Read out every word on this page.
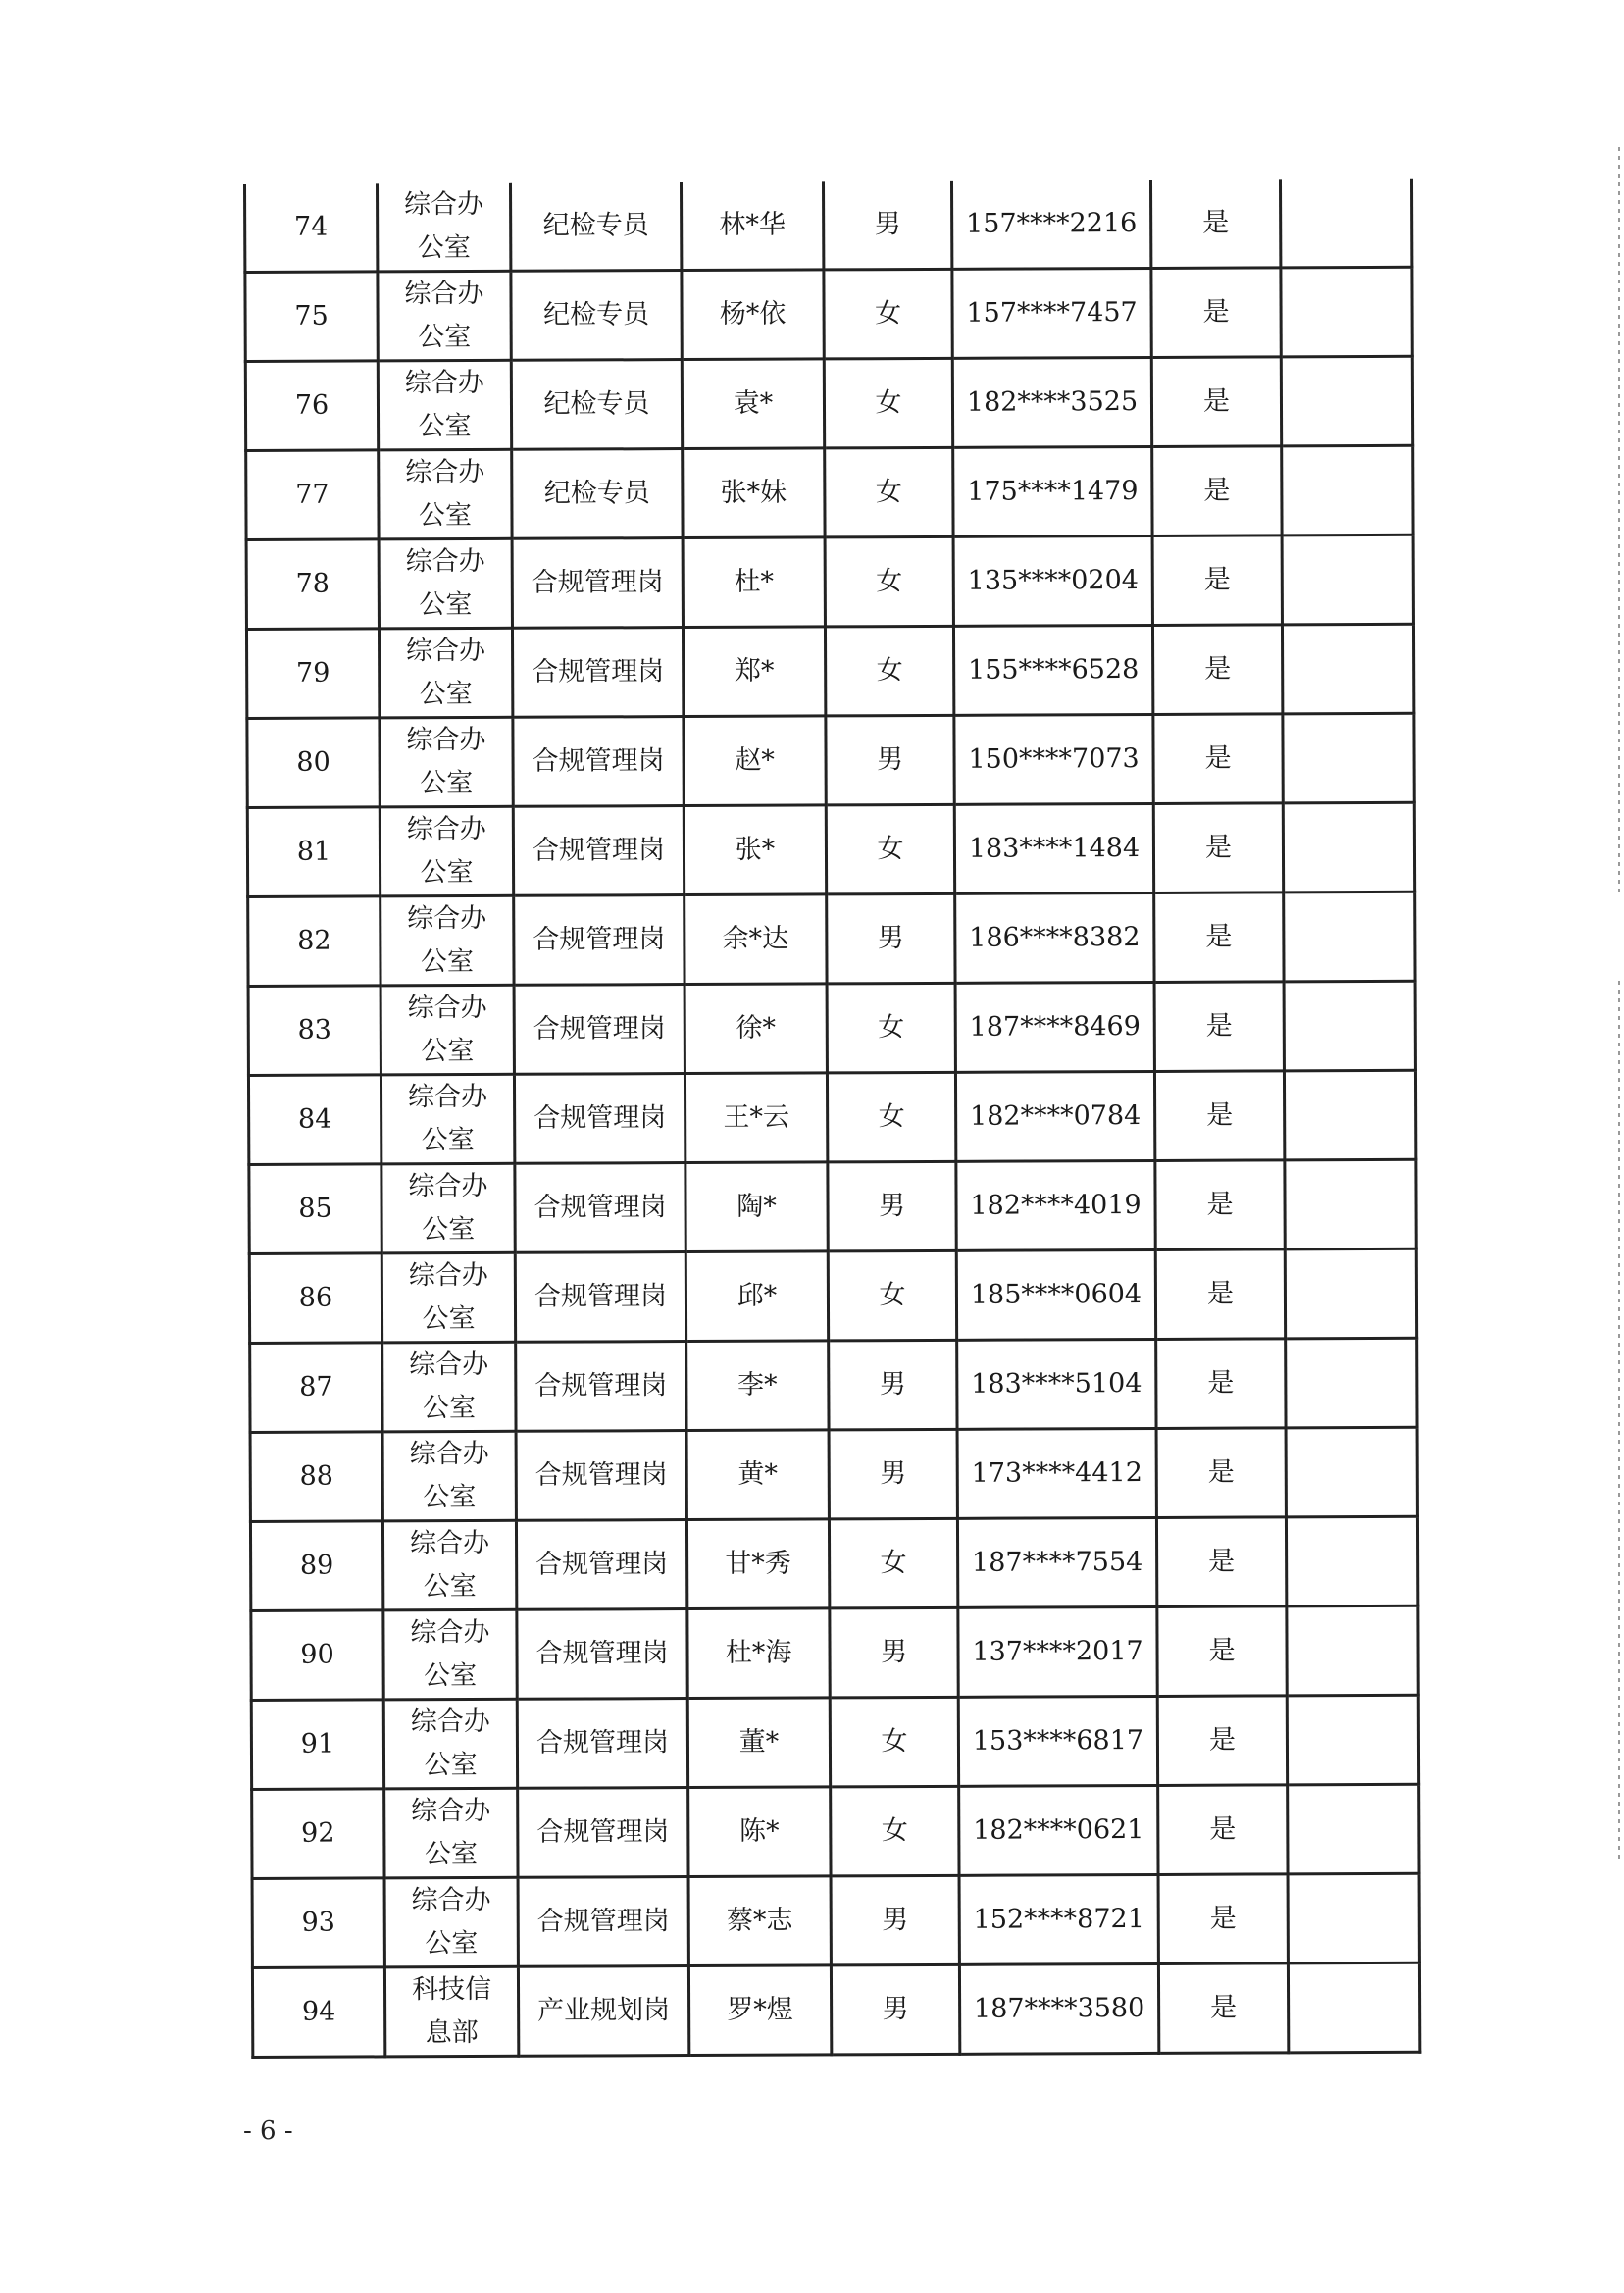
74	综合办公室	纪检专员	林*华	男	157****2216	是	
75	综合办公室	纪检专员	杨*依	女	157****7457	是	
76	综合办公室	纪检专员	袁*	女	182****3525	是	
77	综合办公室	纪检专员	张*妹	女	175****1479	是	
78	综合办公室	合规管理岗	杜*	女	135****0204	是	
79	综合办公室	合规管理岗	郑*	女	155****6528	是	
80	综合办公室	合规管理岗	赵*	男	150****7073	是	
81	综合办公室	合规管理岗	张*	女	183****1484	是	
82	综合办公室	合规管理岗	余*达	男	186****8382	是	
83	综合办公室	合规管理岗	徐*	女	187****8469	是	
84	综合办公室	合规管理岗	王*云	女	182****0784	是	
85	综合办公室	合规管理岗	陶*	男	182****4019	是	
86	综合办公室	合规管理岗	邱*	女	185****0604	是	
87	综合办公室	合规管理岗	李*	男	183****5104	是	
88	综合办公室	合规管理岗	黄*	男	173****4412	是	
89	综合办公室	合规管理岗	甘*秀	女	187****7554	是	
90	综合办公室	合规管理岗	杜*海	男	137****2017	是	
91	综合办公室	合规管理岗	董*	女	153****6817	是	
92	综合办公室	合规管理岗	陈*	女	182****0621	是	
93	综合办公室	合规管理岗	蔡*志	男	152****8721	是	
94	科技信息部	产业规划岗	罗*煜	男	187****3580	是	
- 6 -
